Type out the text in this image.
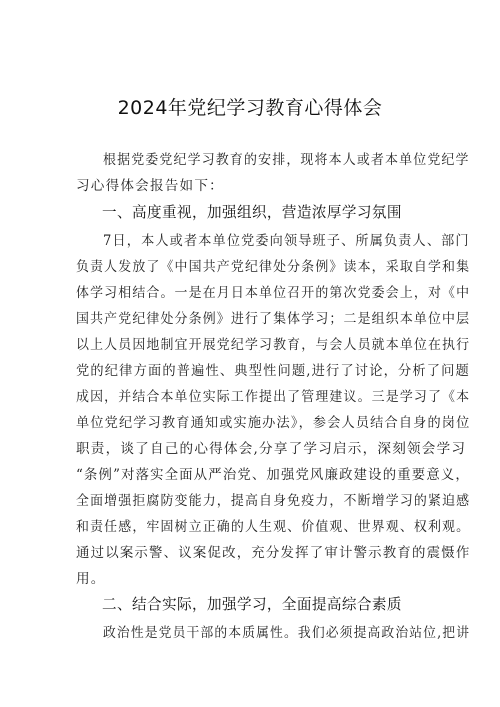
2024年党纪学习教育心得体会
根据党委党纪学习教育的安排，现将本人或者本单位党纪学
习心得体会报告如下：
一、高度重视，加强组织，营造浓厚学习氛围
7日，本人或者本单位党委向领导班子、所属负责人、部门
负责人发放了《中国共产党纪律处分条例》读本，采取自学和集
体学习相结合。一是在月日本单位召开的第次党委会上，对《中
国共产党纪律处分条例》进行了集体学习；二是组织本单位中层
以上人员因地制宜开展党纪学习教育，与会人员就本单位在执行
党的纪律方面的普遍性、典型性问题,进行了讨论，分析了问题
成因，并结合本单位实际工作提出了管理建议。三是学习了《本
单位党纪学习教育通知或实施办法》，参会人员结合自身的岗位
职责，谈了自己的心得体会,分享了学习启示，深刻领会学习
“条例”对落实全面从严治党、加强党风廉政建设的重要意义，
全面增强拒腐防变能力，提高自身免疫力，不断增学习的紧迫感
和责任感，牢固树立正确的人生观、价值观、世界观、权利观。
通过以案示警、议案促改，充分发挥了审计警示教育的震慑作
用。
二、结合实际，加强学习，全面提高综合素质
政治性是党员干部的本质属性。我们必须提高政治站位,把讲
